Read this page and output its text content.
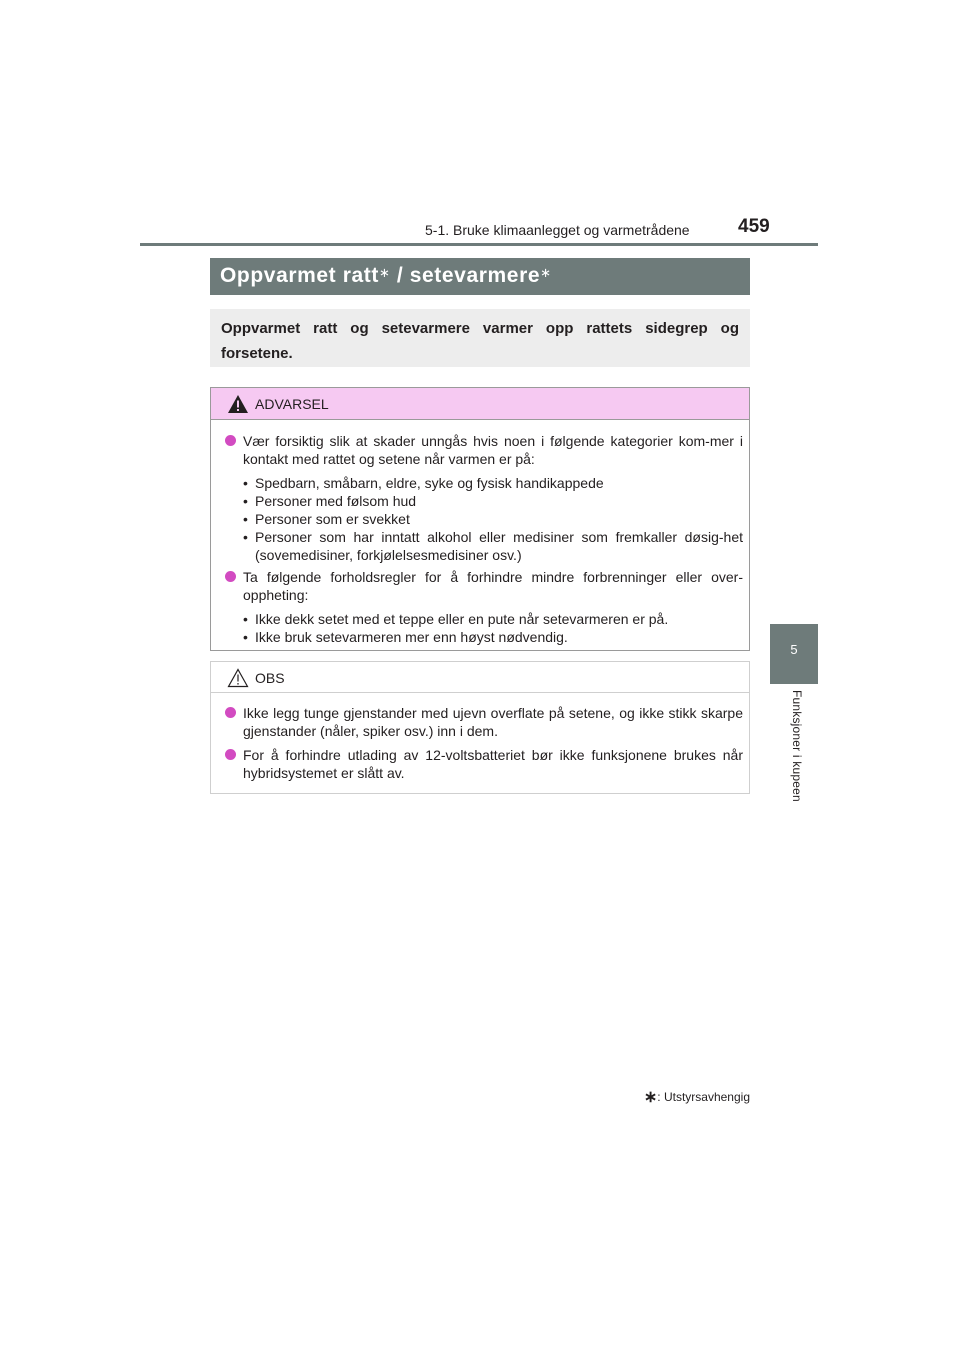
5-1. Bruke klimaanlegget og varmetrådene	459
5
Funksjoner i kupeen
Oppvarmet ratt∗ / setevarmere∗
Oppvarmet ratt og setevarmere varmer opp rattets sidegrep og forsetene.
ADVARSEL
Vær forsiktig slik at skader unngås hvis noen i følgende kategorier kom-mer i kontakt med rattet og setene når varmen er på:
• Spedbarn, småbarn, eldre, syke og fysisk handikappede
• Personer med følsom hud
• Personer som er svekket
• Personer som har inntatt alkohol eller medisiner som fremkaller døsig-het (sovemedisiner, forkjølelsesmedisiner osv.)
Ta følgende forholdsregler for å forhindre mindre forbrenninger eller over-oppheting:
• Ikke dekk setet med et teppe eller en pute når setevarmeren er på.
• Ikke bruk setevarmeren mer enn høyst nødvendig.
OBS
Ikke legg tunge gjenstander med ujevn overflate på setene, og ikke stikk skarpe gjenstander (nåler, spiker osv.) inn i dem.
For å forhindre utlading av 12-voltsbatteriet bør ikke funksjonene brukes når hybridsystemet er slått av.
∗: Utstyrsavhengig
